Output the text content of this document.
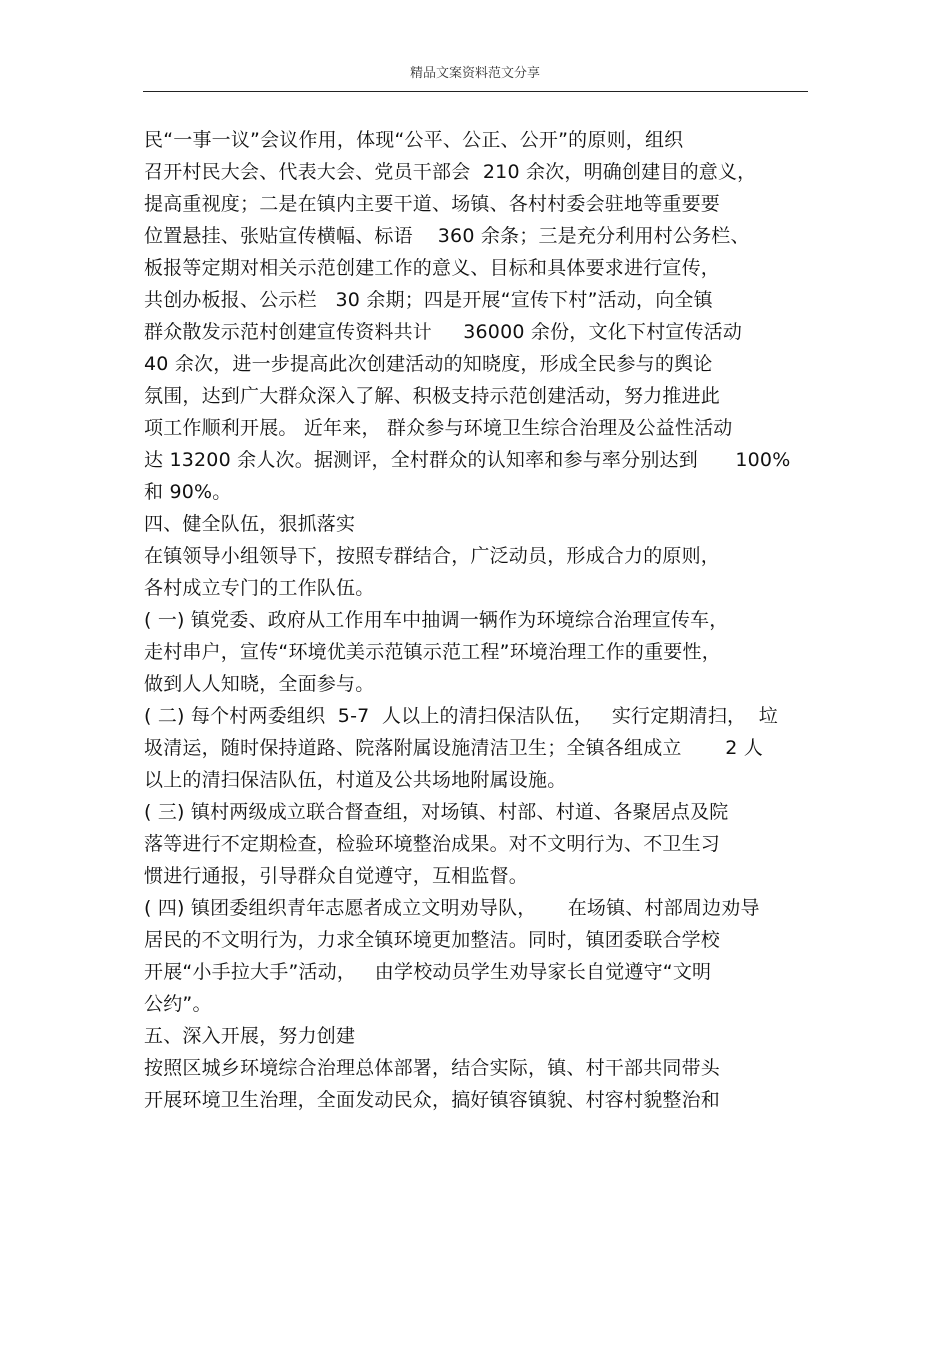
精品文案资料范文分享
民“一事一议”会议作用，体现“公平、公正、公开”的原则，组织
召开村民大会、代表大会、党员干部会  210 余次，明确创建目的意义，
提高重视度；二是在镇内主要干道、场镇、各村村委会驻地等重要要
位置悬挂、张贴宣传横幅、标语    360 余条；三是充分利用村公务栏、
板报等定期对相关示范创建工作的意义、目标和具体要求进行宣传，
共创办板报、公示栏   30 余期；四是开展“宣传下村”活动，向全镇
群众散发示范村创建宣传资料共计     36000 余份，文化下村宣传活动
40 余次，进一步提高此次创建活动的知晓度，形成全民参与的舆论
氛围，达到广大群众深入了解、积极支持示范创建活动，努力推进此
项工作顺利开展。 近年来， 群众参与环境卫生综合治理及公益性活动
达 13200 余人次。据测评，全村群众的认知率和参与率分别达到      100%
和 90%。
四、健全队伍，狠抓落实
在镇领导小组领导下，按照专群结合，广泛动员，形成合力的原则，
各村成立专门的工作队伍。
( 一) 镇党委、政府从工作用车中抽调一辆作为环境综合治理宣传车，
走村串户，宣传“环境优美示范镇示范工程”环境治理工作的重要性，
做到人人知晓，全面参与。
( 二) 每个村两委组织  5-7  人以上的清扫保洁队伍，   实行定期清扫，  垃
圾清运，随时保持道路、院落附属设施清洁卫生；全镇各组成立       2 人
以上的清扫保洁队伍，村道及公共场地附属设施。
( 三) 镇村两级成立联合督查组，对场镇、村部、村道、各聚居点及院
落等进行不定期检查，检验环境整治成果。对不文明行为、不卫生习
惯进行通报，引导群众自觉遵守，互相监督。
( 四) 镇团委组织青年志愿者成立文明劝导队，     在场镇、村部周边劝导
居民的不文明行为，力求全镇环境更加整洁。同时，镇团委联合学校
开展“小手拉大手”活动，   由学校动员学生劝导家长自觉遵守“文明
公约”。
五、深入开展，努力创建
按照区城乡环境综合治理总体部署，结合实际，镇、村干部共同带头
开展环境卫生治理，全面发动民众，搞好镇容镇貌、村容村貌整治和
